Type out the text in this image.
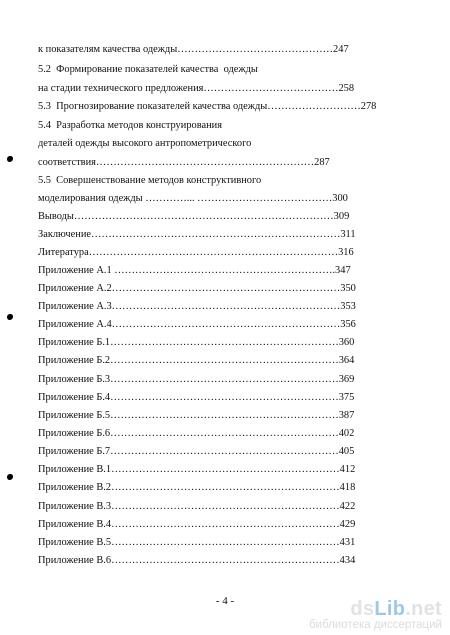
к показателям качества одежды………………………………………247
5.2  Формирование показателей качества  одежды
на стадии технического предложения…………………………………258
5.3  Прогнозирование показателей качества одежды………………………278
5.4  Разработка методов конструирования
деталей одежды высокого антропометрического
соответствия………………………………………………………287
5.5  Совершенствование методов конструктивного
моделирования одежды …………... …………………………………300
Выводы…………………………………………………………………309
Заключение………………………………………………………………311
Литература………………………………………………………………316
Приложение А.1 ……………………………………………………….347
Приложение А.2…………………………………………………………350
Приложение А.3…………………………………………………………353
Приложение А.4…………………………………………………………356
Приложение Б.1…………………………………………………………360
Приложение Б.2…………………………………………………………364
Приложение Б.3…………………………………………………………369
Приложение Б.4…………………………………………………………375
Приложение Б.5…………………………………………………………387
Приложение Б.6…………………………………………………………402
Приложение Б.7…………………………………………………………405
Приложение В.1…………………………………………………………412
Приложение В.2…………………………………………………………418
Приложение В.3…………………………………………………………422
Приложение В.4…………………………………………………………429
Приложение В.5…………………………………………………………431
Приложение В.6…………………………………………………………434
- 4 -	dsLib.net
библиотека диссертаций
